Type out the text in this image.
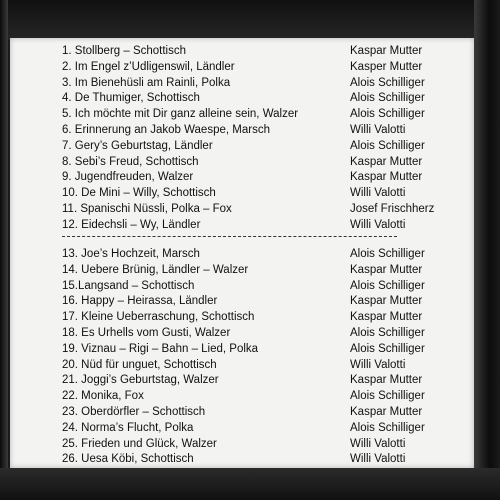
1. Stollberg – Schottisch	Kaspar Mutter
2. Im Engel z’Udligenswil, Ländler	Kasper Mutter
3. Im Bienehüsli am Rainli, Polka	Alois Schilliger
4. De Thumiger, Schottisch	Alois Schilliger
5. Ich möchte mit Dir ganz alleine sein, Walzer	Alois Schilliger
6. Erinnerung an Jakob Waespe, Marsch	Willi Valotti
7. Gery’s Geburtstag, Ländler	Alois Schilliger
8. Sebi’s Freud, Schottisch	Kaspar Mutter
9. Jugendfreuden, Walzer	Kaspar Mutter
10. De Mini – Willy, Schottisch	Willi Valotti
11. Spanischi Nüssli, Polka – Fox	Josef Frischherz
12. Eidechsli – Wy, Ländler	Willi Valotti
13. Joe’s Hochzeit, Marsch	Alois Schilliger
14. Uebere Brünig, Ländler – Walzer	Kaspar Mutter
15.Langsand – Schottisch	Alois Schilliger
16. Happy – Heirassa, Ländler	Kaspar Mutter
17. Kleine Ueberraschung, Schottisch	Kaspar Mutter
18. Es Urhells vom Gusti, Walzer	Alois Schilliger
19. Viznau – Rigi – Bahn – Lied, Polka	Alois Schilliger
20. Nüd für unguet, Schottisch	Willi Valotti
21. Joggi’s Geburtstag, Walzer	Kaspar Mutter
22. Monika, Fox	Alois Schilliger
23. Oberdörfler – Schottisch	Kaspar Mutter
24. Norma’s Flucht, Polka	Alois Schilliger
25. Frieden und Glück, Walzer	Willi Valotti
26. Uesa Köbi, Schottisch	Willi Valotti
